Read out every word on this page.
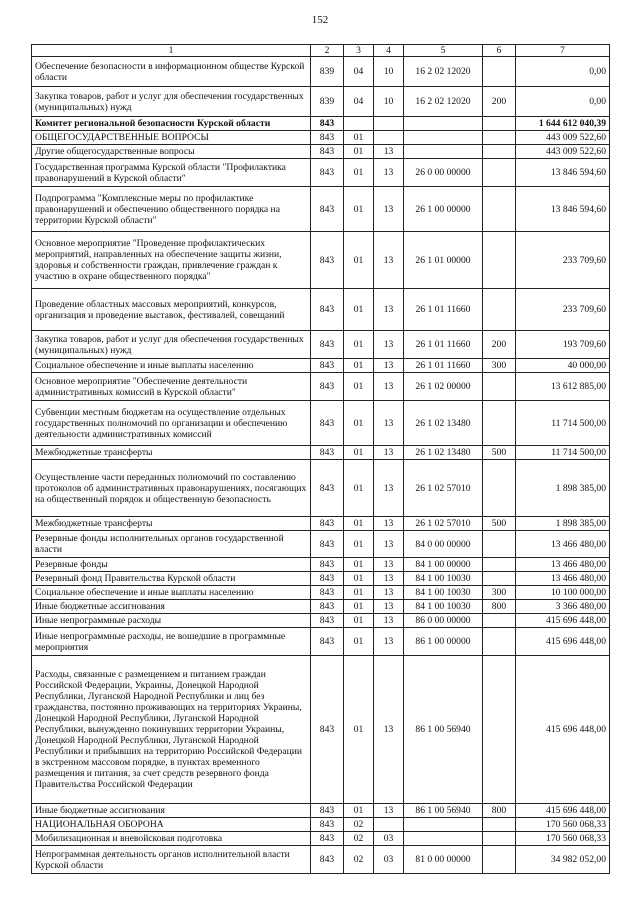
152
1	2	3	4	5	6	7
Обеспечение безопасности в информационном обществе Курской области	839	04	10	16 2 02 12020		0,00
Закупка товаров, работ и услуг для обеспечения государственных (муниципальных) нужд	839	04	10	16 2 02 12020	200	0,00
Комитет региональной безопасности Курской области	843					1 644 612 040,39
ОБЩЕГОСУДАРСТВЕННЫЕ ВОПРОСЫ	843	01				443 009 522,60
Другие общегосударственные вопросы	843	01	13			443 009 522,60
Государственная программа Курской области "Профилактика правонарушений в Курской области"	843	01	13	26 0 00 00000		13 846 594,60
Подпрограмма "Комплексные меры по профилактике правонарушений и обеспечению общественного порядка на территории Курской области"	843	01	13	26 1 00 00000		13 846 594,60
Основное мероприятие "Проведение профилактических мероприятий, направленных на обеспечение защиты жизни, здоровья и собственности граждан, привлечение граждан к участию в охране общественного порядка"	843	01	13	26 1 01 00000		233 709,60
Проведение областных массовых мероприятий, конкурсов, организация и проведение выставок, фестивалей, совещаний	843	01	13	26 1 01 11660		233 709,60
Закупка товаров, работ и услуг для обеспечения государственных (муниципальных) нужд	843	01	13	26 1 01 11660	200	193 709,60
Социальное обеспечение и иные выплаты населению	843	01	13	26 1 01 11660	300	40 000,00
Основное мероприятие "Обеспечение деятельности административных комиссий в Курской области"	843	01	13	26 1 02 00000		13 612 885,00
Субвенции местным бюджетам на осуществление отдельных государственных полномочий по организации и обеспечению деятельности административных комиссий	843	01	13	26 1 02 13480		11 714 500,00
Межбюджетные трансферты	843	01	13	26 1 02 13480	500	11 714 500,00
Осуществление части переданных полномочий по составлению протоколов об административных правонарушениях, посягающих на общественный порядок и общественную безопасность	843	01	13	26 1 02 57010		1 898 385,00
Межбюджетные трансферты	843	01	13	26 1 02 57010	500	1 898 385,00
Резервные фонды исполнительных органов государственной власти	843	01	13	84 0 00 00000		13 466 480,00
Резервные фонды	843	01	13	84 1 00 00000		13 466 480,00
Резервный фонд Правительства Курской области	843	01	13	84 1 00 10030		13 466 480,00
Социальное обеспечение и иные выплаты населению	843	01	13	84 1 00 10030	300	10 100 000,00
Иные бюджетные ассигнования	843	01	13	84 1 00 10030	800	3 366 480,00
Иные непрограммные расходы	843	01	13	86 0 00 00000		415 696 448,00
Иные непрограммные расходы, не вошедшие в программные мероприятия	843	01	13	86 1 00 00000		415 696 448,00
Расходы, связанные с размещением и питанием граждан Российской Федерации, Украины, Донецкой Народной Республики, Луганской Народной Республики и лиц без гражданства, постоянно проживающих на территориях Украины, Донецкой Народной Республики, Луганской Народной Республики, вынужденно покинувших территории Украины, Донецкой Народной Республики, Луганской Народной Республики и прибывших на территорию Российской Федерации в экстренном массовом порядке, в пунктах временного размещения и питания, за счет средств резервного фонда Правительства Российской Федерации	843	01	13	86 1 00 56940		415 696 448,00
Иные бюджетные ассигнования	843	01	13	86 1 00 56940	800	415 696 448,00
НАЦИОНАЛЬНАЯ ОБОРОНА	843	02				170 560 068,33
Мобилизационная и вневойсковая подготовка	843	02	03			170 560 068,33
Непрограммная деятельность органов исполнительной власти Курской области	843	02	03	81 0 00 00000		34 982 052,00
